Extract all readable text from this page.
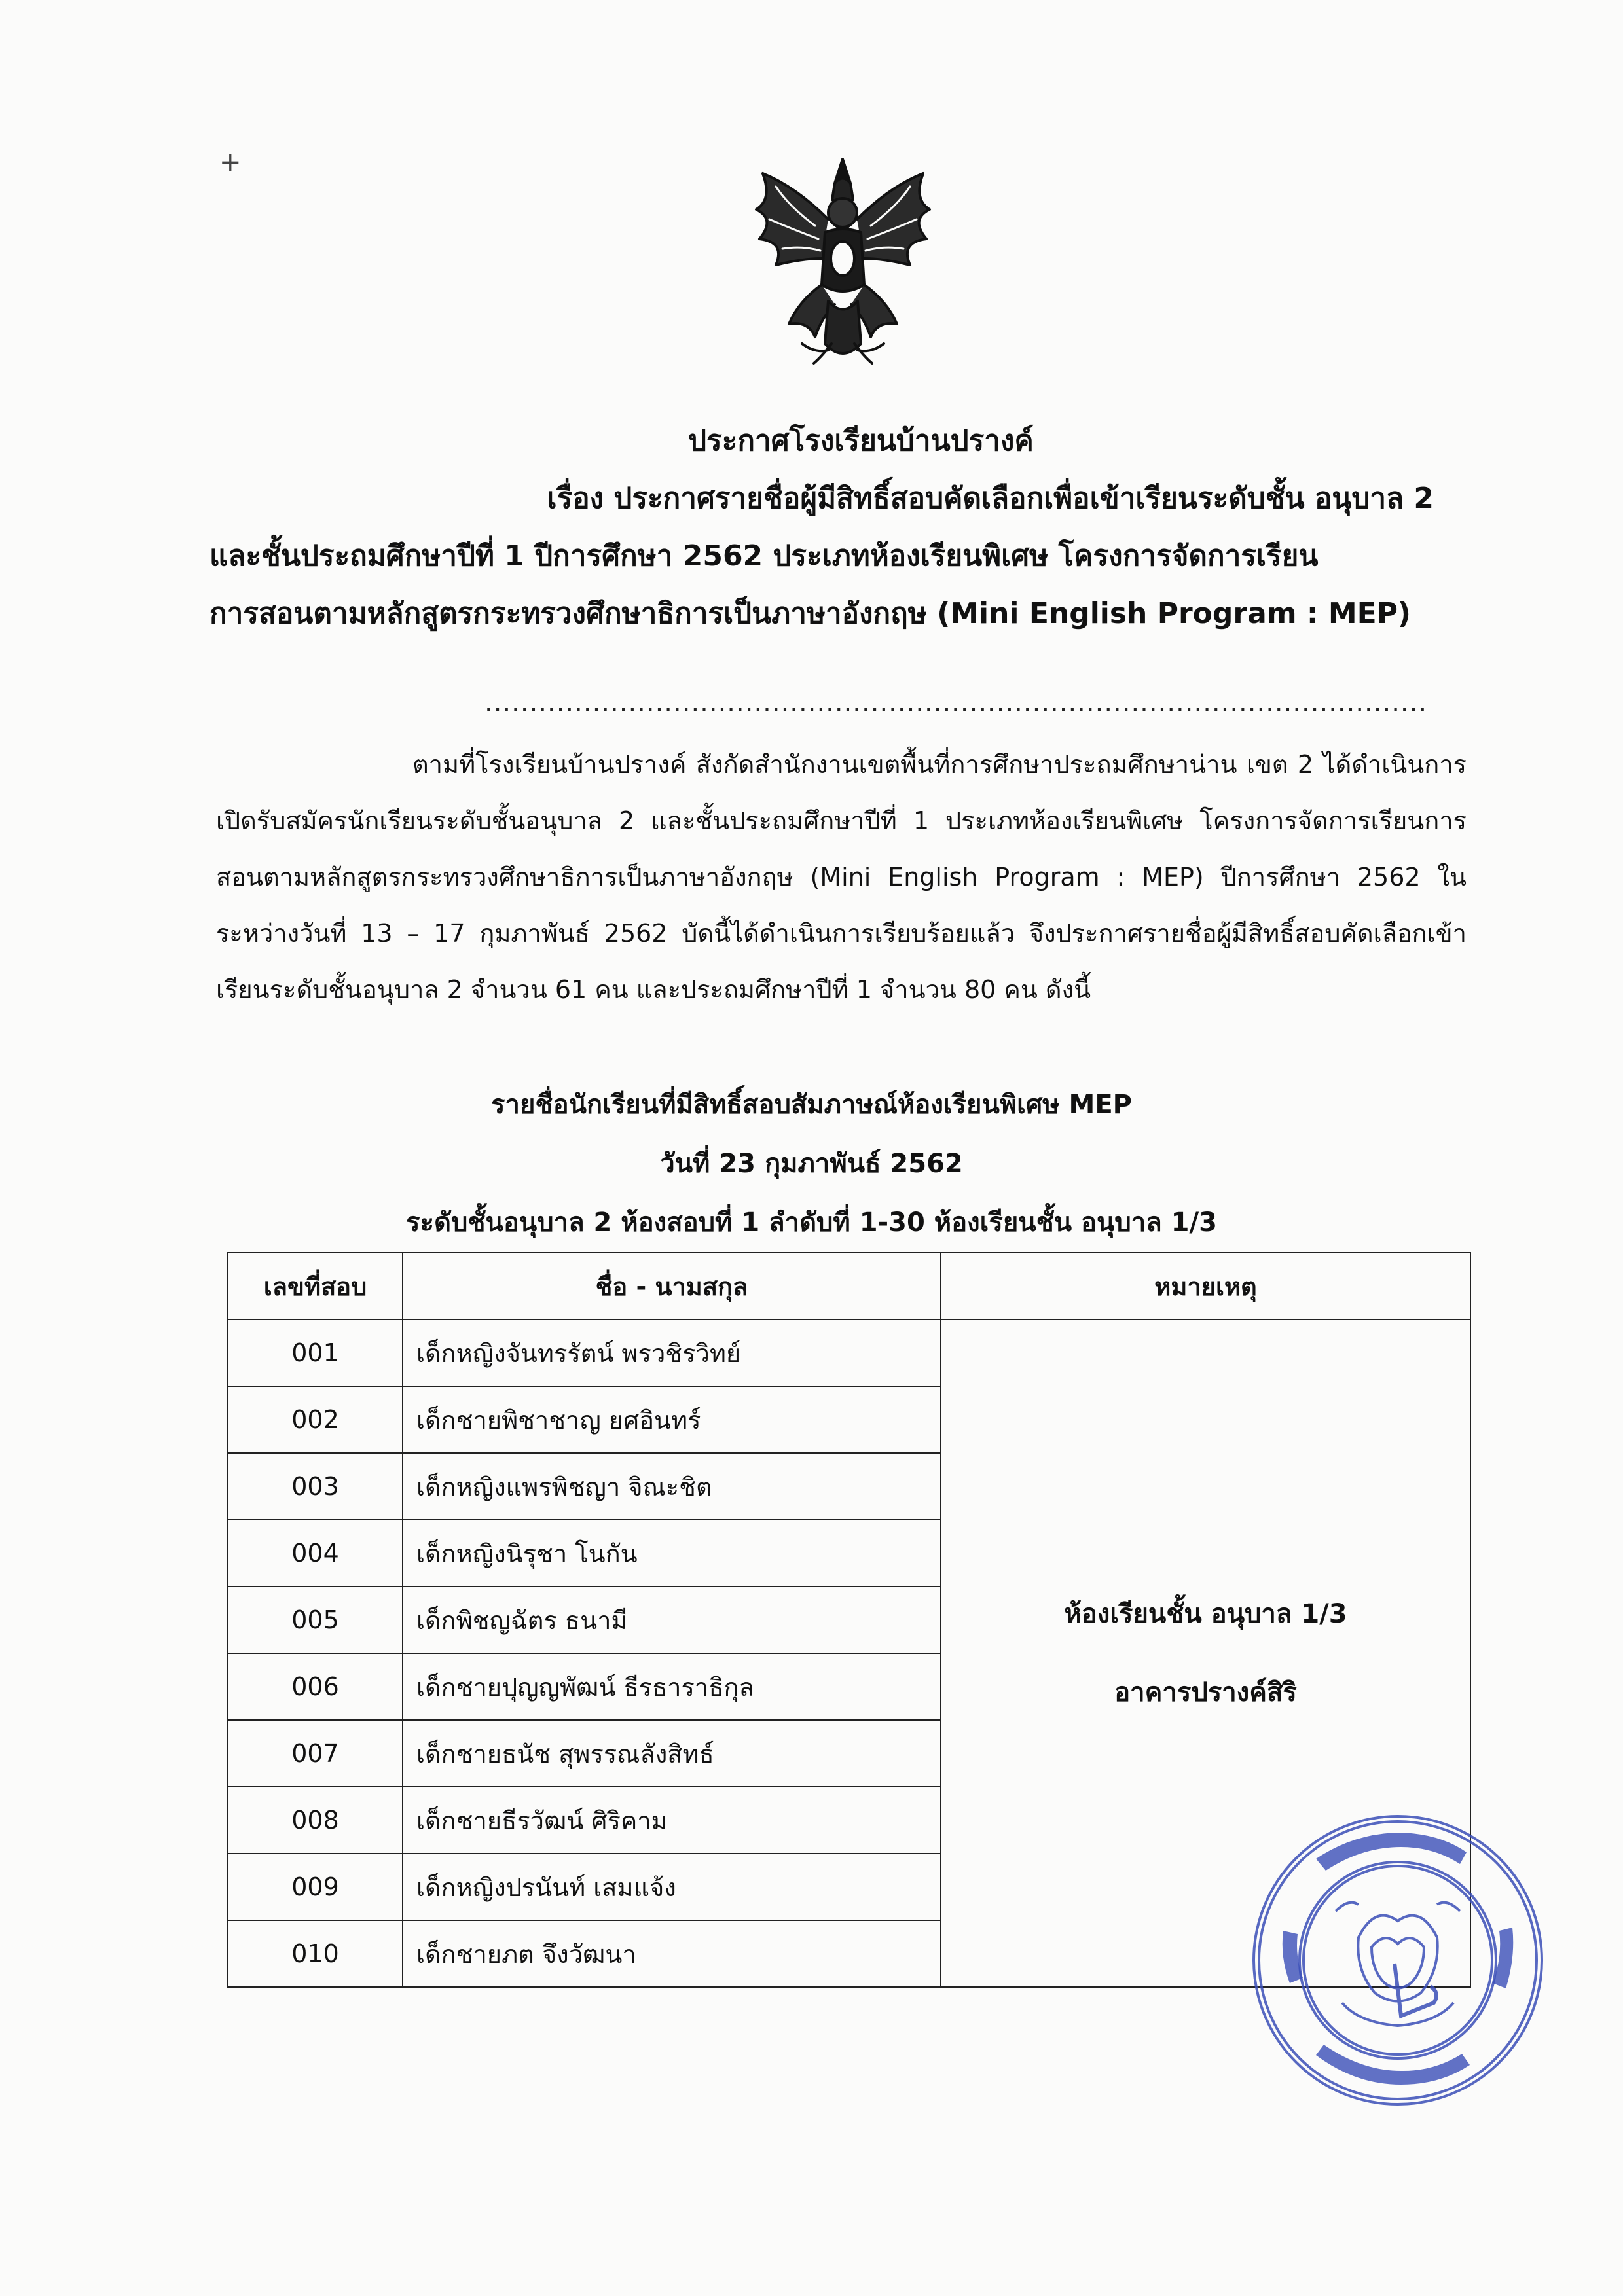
+
ประกาศโรงเรียนบ้านปรางค์
เรื่อง ประกาศรายชื่อผู้มีสิทธิ์สอบคัดเลือกเพื่อเข้าเรียนระดับชั้น อนุบาล 2
และชั้นประถมศึกษาปีที่ 1 ปีการศึกษา 2562 ประเภทห้องเรียนพิเศษ โครงการจัดการเรียน
การสอนตามหลักสูตรกระทรวงศึกษาธิการเป็นภาษาอังกฤษ (Mini English Program : MEP)
.........................................................................................................
ตามที่โรงเรียนบ้านปรางค์ สังกัดสำนักงานเขตพื้นที่การศึกษาประถมศึกษาน่าน เขต 2 ได้ดำเนินการเปิดรับสมัครนักเรียนระดับชั้นอนุบาล 2 และชั้นประถมศึกษาปีที่ 1 ประเภทห้องเรียนพิเศษ โครงการจัดการเรียนการสอนตามหลักสูตรกระทรวงศึกษาธิการเป็นภาษาอังกฤษ (Mini English Program : MEP) ปีการศึกษา 2562 ในระหว่างวันที่ 13 – 17 กุมภาพันธ์ 2562 บัดนี้ได้ดำเนินการเรียบร้อยแล้ว จึงประกาศรายชื่อผู้มีสิทธิ์สอบคัดเลือกเข้าเรียนระดับชั้นอนุบาล 2 จำนวน 61 คน และประถมศึกษาปีที่ 1 จำนวน 80 คน ดังนี้
รายชื่อนักเรียนที่มีสิทธิ์สอบสัมภาษณ์ห้องเรียนพิเศษ MEP
วันที่ 23 กุมภาพันธ์ 2562
ระดับชั้นอนุบาล 2 ห้องสอบที่ 1 ลำดับที่ 1-30 ห้องเรียนชั้น อนุบาล 1/3
เลขที่สอบ	ชื่อ - นามสกุล	หมายเหตุ
001	เด็กหญิงจันทรรัตน์ พรวชิรวิทย์	ห้องเรียนชั้น อนุบาล 1/3
อาคารปรางค์สิริ

002	เด็กชายพิชาชาญ ยศอินทร์	
003	เด็กหญิงแพรพิชญา จิณะชิต	
004	เด็กหญิงนิรุชา โนกัน	
005	เด็กพิชญฉัตร ธนามี	
006	เด็กชายปุญญพัฒน์ ธีรธาราธิกุล	
007	เด็กชายธนัช สุพรรณลังสิทธ์	
008	เด็กชายธีรวัฒน์ ศิริคาม	
009	เด็กหญิงปรนันท์ เสมแจ้ง	
010	เด็กชายภต จึงวัฒนา	
